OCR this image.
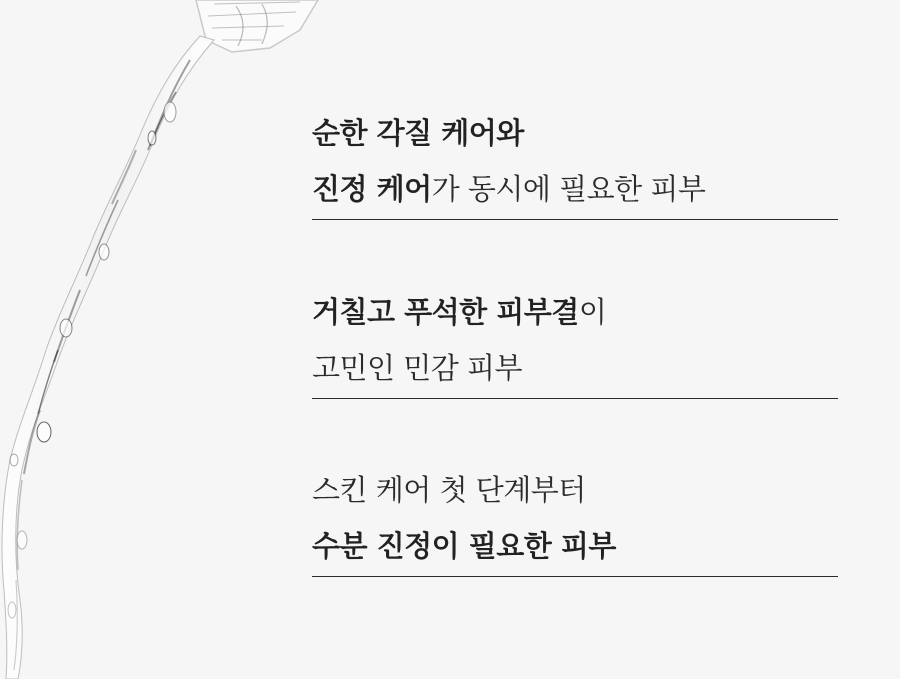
순한 각질 케어와
진정 케어가 동시에 필요한 피부
거칠고 푸석한 피부결이
고민인 민감 피부
스킨 케어 첫 단계부터
수분 진정이 필요한 피부
